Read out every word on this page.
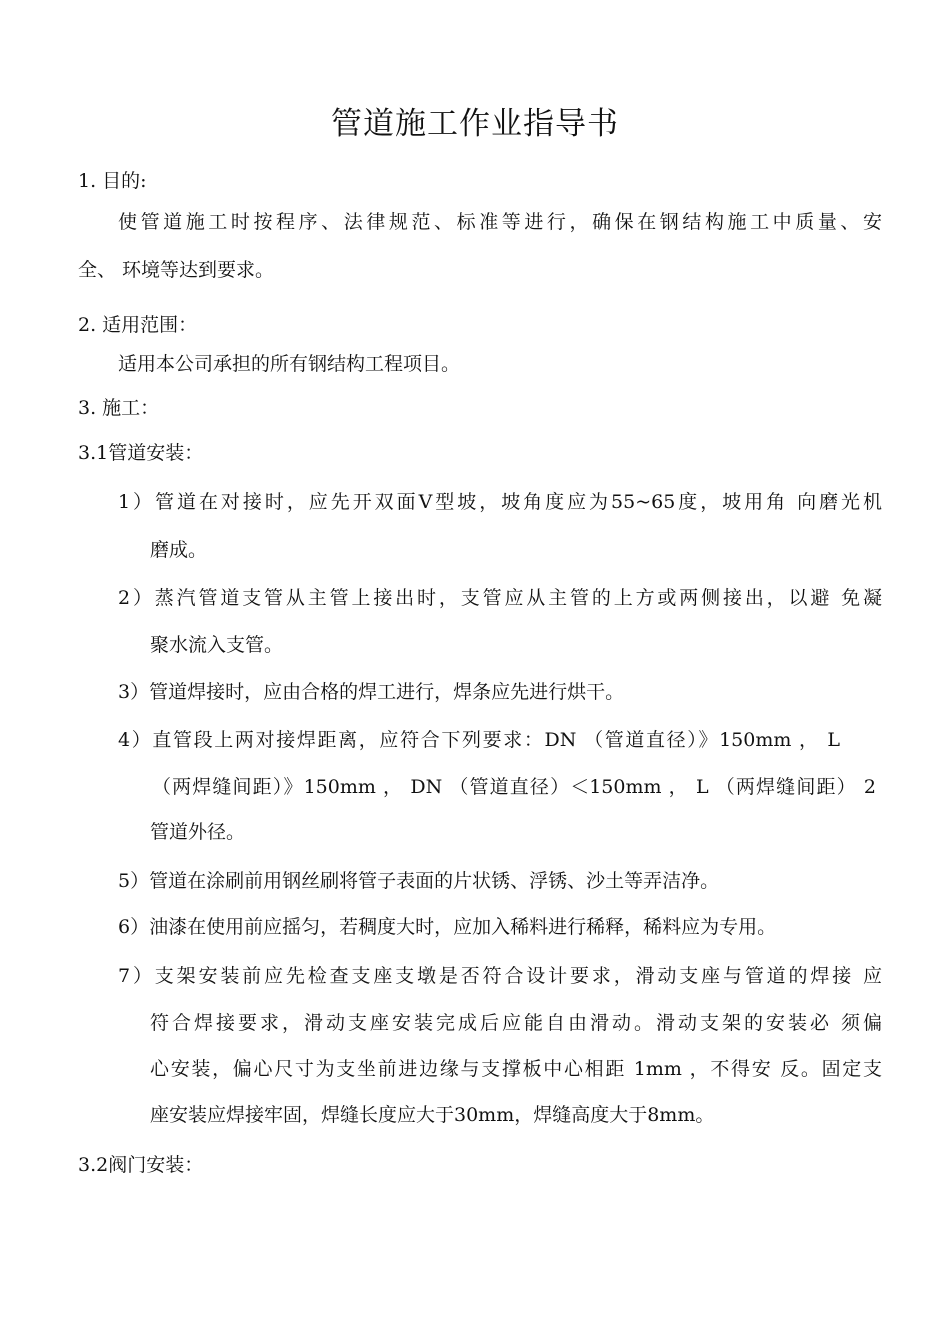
管道施工作业指导书
1. 目的:
使管道施工时按程序、法律规范、标准等进行，确保在钢结构施工中质量、安
全、 环境等达到要求。
2. 适用范围：
适用本公司承担的所有钢结构工程项目。
3. 施工：
3.1管道安装：
1）管道在对接时，应先开双面V型坡，坡角度应为55~65度，坡用角 向磨光机
磨成。
2）蒸汽管道支管从主管上接出时，支管应从主管的上方或两侧接出，以避 免凝
聚水流入支管。
3）管道焊接时，应由合格的焊工进行，焊条应先进行烘干。
4）直管段上两对接焊距离，应符合下列要求：DN （管道直径）》150mm ， L
（两焊缝间距）》150mm ， DN （管道直径）＜150mm ， L （两焊缝间距） 2
管道外径。
5）管道在涂刷前用钢丝刷将管子表面的片状锈、浮锈、沙土等弄洁净。
6）油漆在使用前应摇匀，若稠度大时，应加入稀料进行稀释，稀料应为专用。
7）支架安装前应先检查支座支墩是否符合设计要求，滑动支座与管道的焊接 应
符合焊接要求，滑动支座安装完成后应能自由滑动。滑动支架的安装必 须偏
心安装，偏心尺寸为支坐前进边缘与支撑板中心相距 1mm ，不得安 反。固定支
座安装应焊接牢固，焊缝长度应大于30mm，焊缝高度大于8mm。
3.2阀门安装：
